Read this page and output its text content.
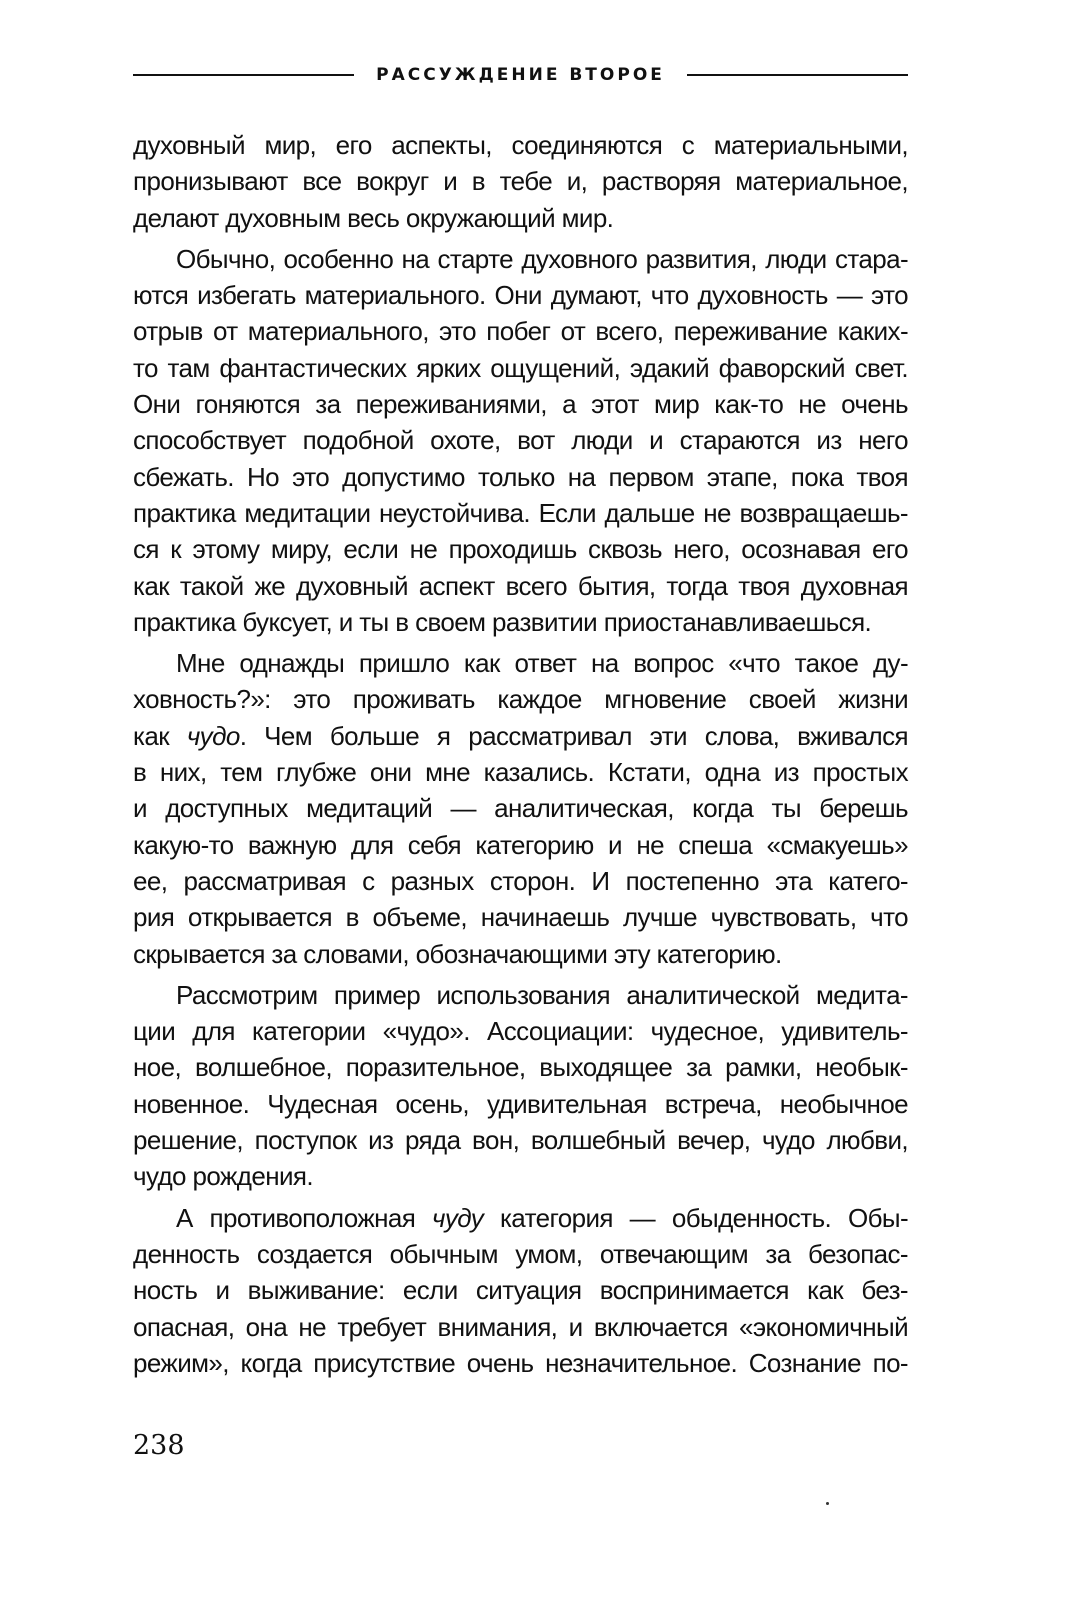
РАССУЖДЕНИЕ ВТОРОЕ
духовный мир, его аспекты, соединяются с материальными,
пронизывают все вокруг и в тебе и, растворяя материальное,
делают духовным весь окружающий мир.
Обычно, особенно на старте духовного развития, люди стара-
ются избегать материального. Они думают, что духовность — это
отрыв от материального, это побег от всего, переживание каких-
то там фантастических ярких ощущений, эдакий фаворский свет.
Они гоняются за переживаниями, а этот мир как-то не очень
способствует подобной охоте, вот люди и стараются из него
сбежать. Но это допустимо только на первом этапе, пока твоя
практика медитации неустойчива. Если дальше не возвращаешь-
ся к этому миру, если не проходишь сквозь него, осознавая его
как такой же духовный аспект всего бытия, тогда твоя духовная
практика буксует, и ты в своем развитии приостанавливаешься.
Мне однажды пришло как ответ на вопрос «что такое ду-
ховность?»: это проживать каждое мгновение своей жизни
как чудо. Чем больше я рассматривал эти слова, вживался
в них, тем глубже они мне казались. Кстати, одна из простых
и доступных медитаций — аналитическая, когда ты берешь
какую-то важную для себя категорию и не спеша «смакуешь»
ее, рассматривая с разных сторон. И постепенно эта катего-
рия открывается в объеме, начинаешь лучше чувствовать, что
скрывается за словами, обозначающими эту категорию.
Рассмотрим пример использования аналитической медита-
ции для категории «чудо». Ассоциации: чудесное, удивитель-
ное, волшебное, поразительное, выходящее за рамки, необык-
новенное. Чудесная осень, удивительная встреча, необычное
решение, поступок из ряда вон, волшебный вечер, чудо любви,
чудо рождения.
А противоположная чуду категория — обыденность. Обы-
денность создается обычным умом, отвечающим за безопас-
ность и выживание: если ситуация воспринимается как без-
опасная, она не требует внимания, и включается «экономичный
режим», когда присутствие очень незначительное. Сознание по-
238
